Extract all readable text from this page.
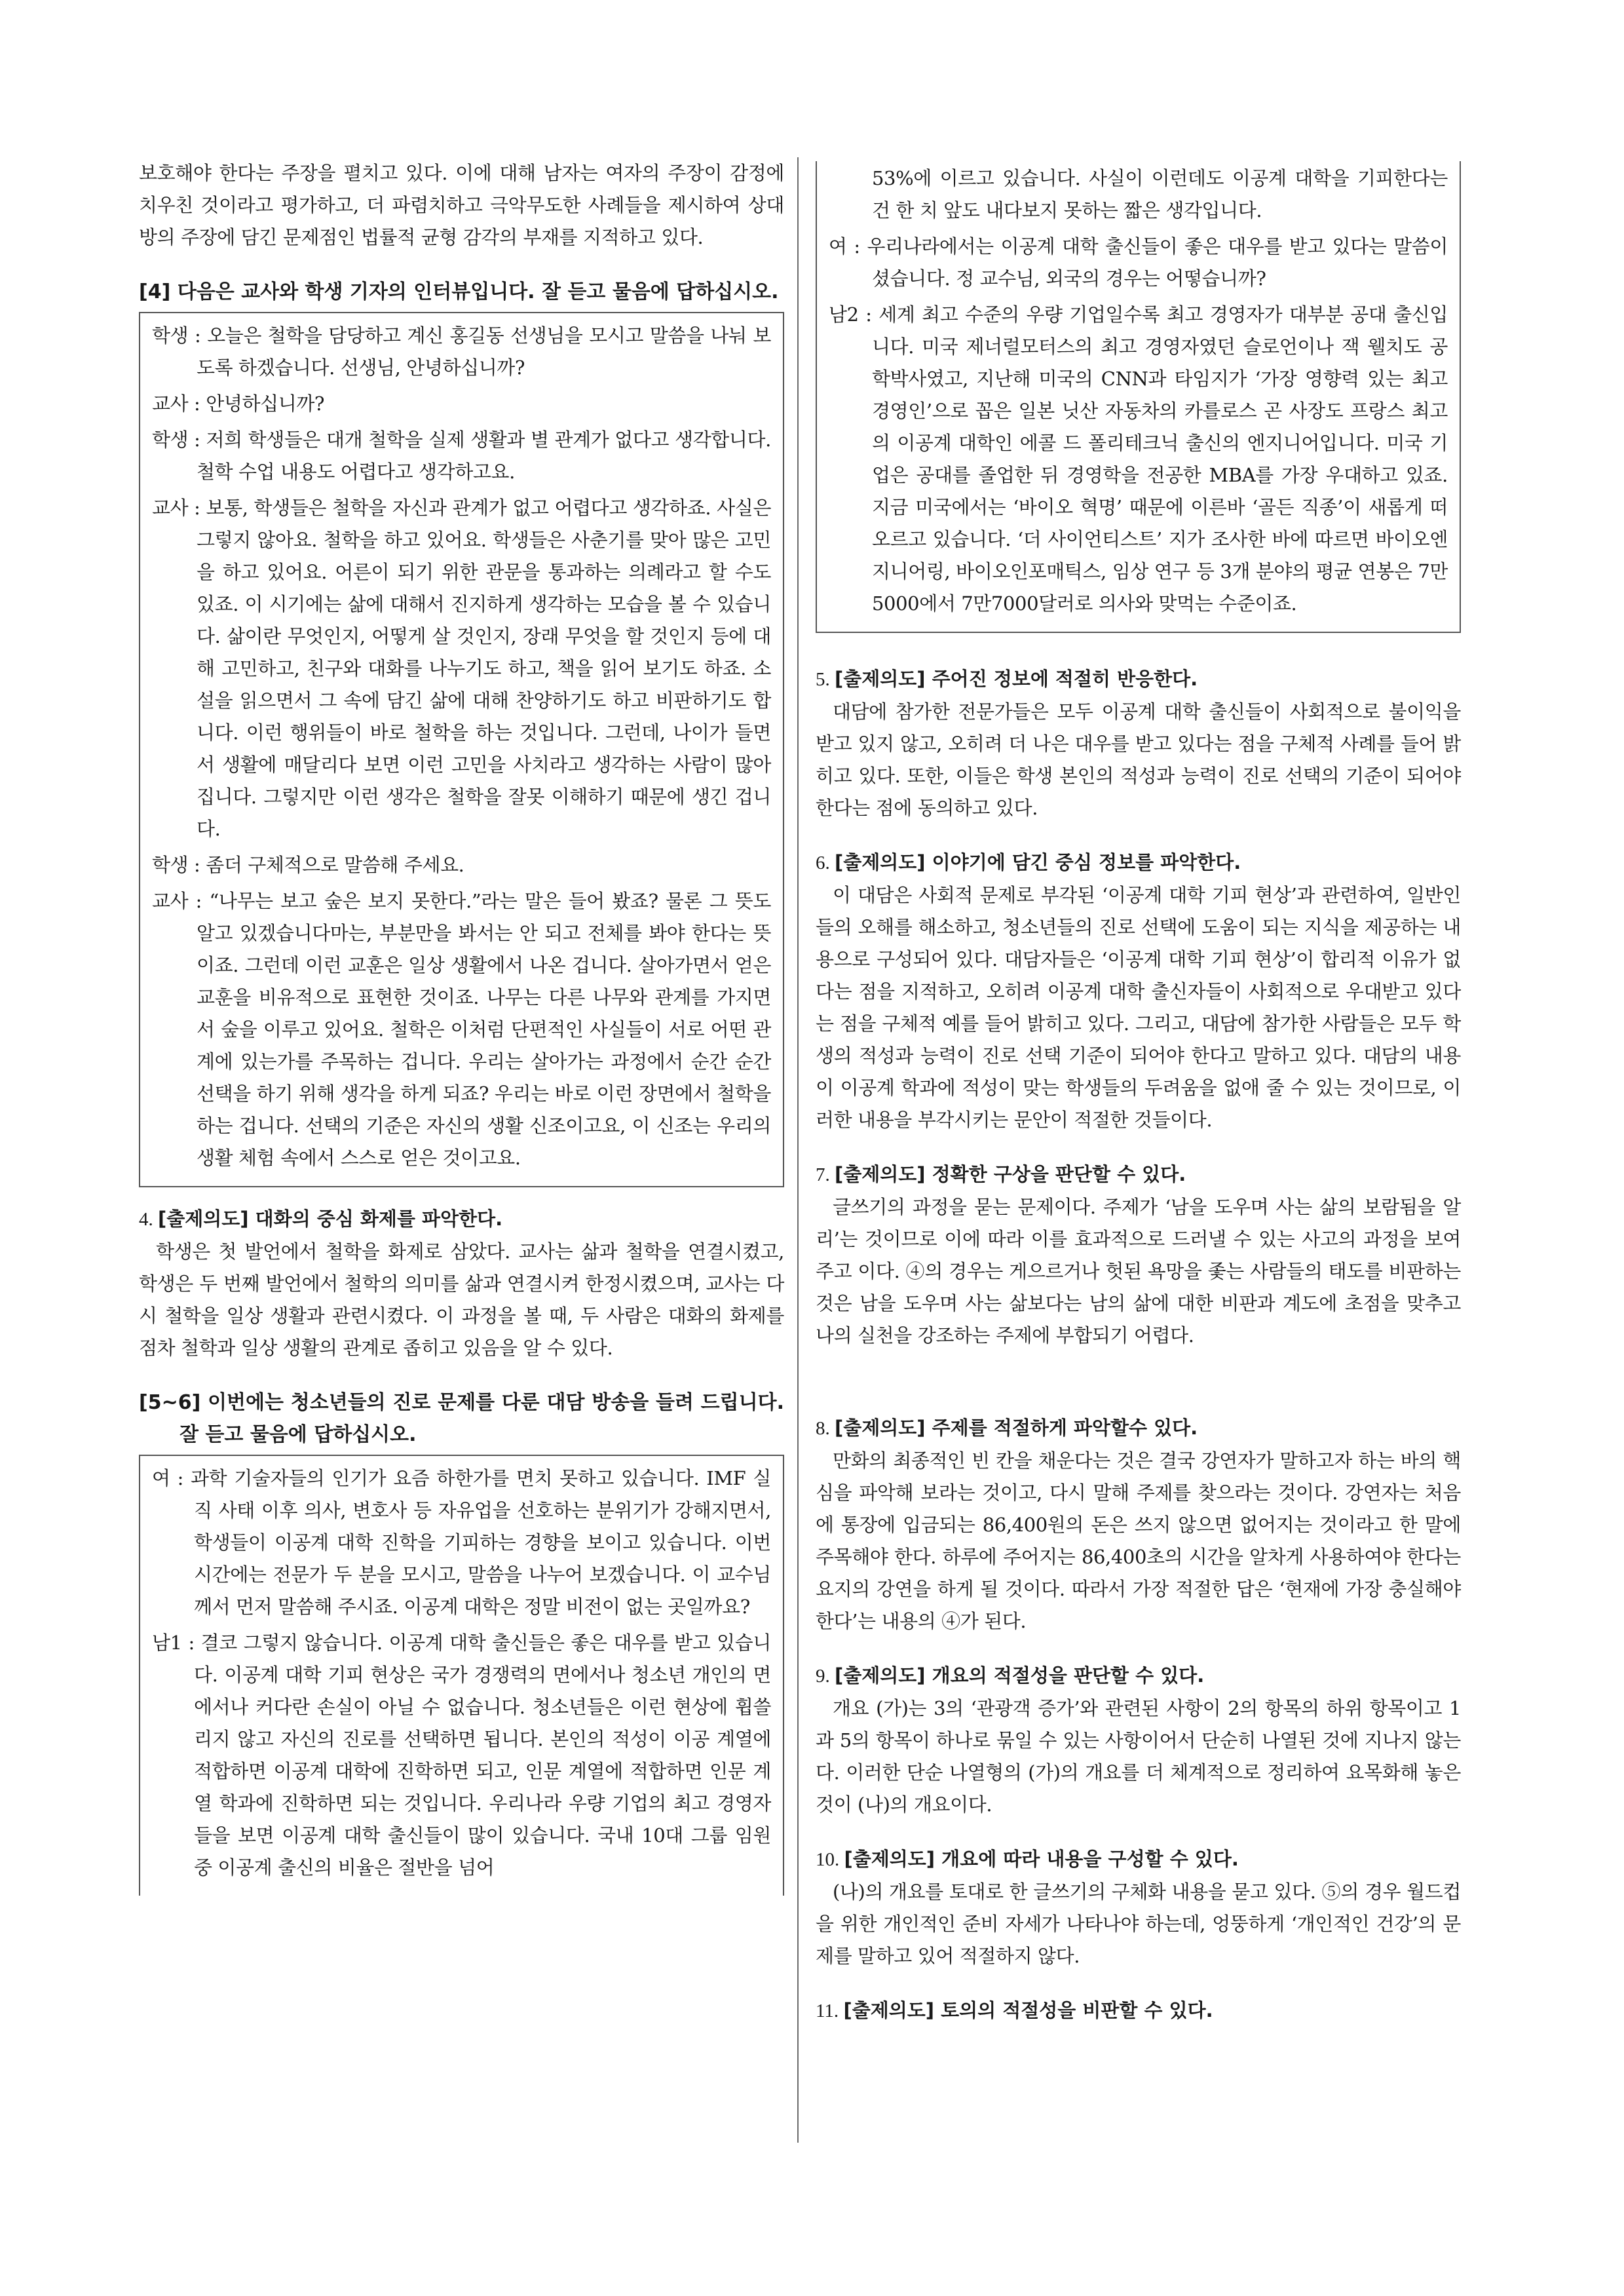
보호해야 한다는 주장을 펼치고 있다. 이에 대해 남자는 여자의 주장이 감정에 치우친 것이라고 평가하고, 더 파렴치하고 극악무도한 사례들을 제시하여 상대방의 주장에 담긴 문제점인 법률적 균형 감각의 부재를 지적하고 있다.

[4] 다음은 교사와 학생 기자의 인터뷰입니다. 잘 듣고 물음에 답하십시오.

학생 : 오늘은 철학을 담당하고 계신 홍길동 선생님을 모시고 말씀을 나눠 보도록 하겠습니다. 선생님, 안녕하십니까?

교사 : 안녕하십니까?

학생 : 저희 학생들은 대개 철학을 실제 생활과 별 관계가 없다고 생각합니다. 철학 수업 내용도 어렵다고 생각하고요.

교사 : 보통, 학생들은 철학을 자신과 관계가 없고 어렵다고 생각하죠. 사실은 그렇지 않아요. 철학을 하고 있어요. 학생들은 사춘기를 맞아 많은 고민을 하고 있어요. 어른이 되기 위한 관문을 통과하는 의례라고 할 수도 있죠. 이 시기에는 삶에 대해서 진지하게 생각하는 모습을 볼 수 있습니다. 삶이란 무엇인지, 어떻게 살 것인지, 장래 무엇을 할 것인지 등에 대해 고민하고, 친구와 대화를 나누기도 하고, 책을 읽어 보기도 하죠. 소설을 읽으면서 그 속에 담긴 삶에 대해 찬양하기도 하고 비판하기도 합니다. 이런 행위들이 바로 철학을 하는 것입니다. 그런데, 나이가 들면서 생활에 매달리다 보면 이런 고민을 사치라고 생각하는 사람이 많아집니다. 그렇지만 이런 생각은 철학을 잘못 이해하기 때문에 생긴 겁니다.

학생 : 좀더 구체적으로 말씀해 주세요.

교사 : “나무는 보고 숲은 보지 못한다.”라는 말은 들어 봤죠? 물론 그 뜻도 알고 있겠습니다마는, 부분만을 봐서는 안 되고 전체를 봐야 한다는 뜻이죠. 그런데 이런 교훈은 일상 생활에서 나온 겁니다. 살아가면서 얻은 교훈을 비유적으로 표현한 것이죠. 나무는 다른 나무와 관계를 가지면서 숲을 이루고 있어요. 철학은 이처럼 단편적인 사실들이 서로 어떤 관계에 있는가를 주목하는 겁니다. 우리는 살아가는 과정에서 순간 순간 선택을 하기 위해 생각을 하게 되죠? 우리는 바로 이런 장면에서 철학을 하는 겁니다. 선택의 기준은 자신의 생활 신조이고요, 이 신조는 우리의 생활 체험 속에서 스스로 얻은 것이고요.

4. [출제의도] 대화의 중심 화제를 파악한다.

학생은 첫 발언에서 철학을 화제로 삼았다. 교사는 삶과 철학을 연결시켰고, 학생은 두 번째 발언에서 철학의 의미를 삶과 연결시켜 한정시켰으며, 교사는 다시 철학을 일상 생활과 관련시켰다. 이 과정을 볼 때, 두 사람은 대화의 화제를 점차 철학과 일상 생활의 관계로 좁히고 있음을 알 수 있다.

[5~6] 이번에는 청소년들의 진로 문제를 다룬 대담 방송을 들려 드립니다. 잘 듣고 물음에 답하십시오.

여 : 과학 기술자들의 인기가 요즘 하한가를 면치 못하고 있습니다. IMF 실직 사태 이후 의사, 변호사 등 자유업을 선호하는 분위기가 강해지면서, 학생들이 이공계 대학 진학을 기피하는 경향을 보이고 있습니다. 이번 시간에는 전문가 두 분을 모시고, 말씀을 나누어 보겠습니다. 이 교수님께서 먼저 말씀해 주시죠. 이공계 대학은 정말 비전이 없는 곳일까요?

남1 : 결코 그렇지 않습니다. 이공계 대학 출신들은 좋은 대우를 받고 있습니다. 이공계 대학 기피 현상은 국가 경쟁력의 면에서나 청소년 개인의 면에서나 커다란 손실이 아닐 수 없습니다. 청소년들은 이런 현상에 휩쓸리지 않고 자신의 진로를 선택하면 됩니다. 본인의 적성이 이공 계열에 적합하면 이공계 대학에 진학하면 되고, 인문 계열에 적합하면 인문 계열 학과에 진학하면 되는 것입니다. 우리나라 우량 기업의 최고 경영자들을 보면 이공계 대학 출신들이 많이 있습니다. 국내 10대 그룹 임원 중 이공계 출신의 비율은 절반을 넘어

53%에 이르고 있습니다. 사실이 이런데도 이공계 대학을 기피한다는 건 한 치 앞도 내다보지 못하는 짧은 생각입니다.

여 : 우리나라에서는 이공계 대학 출신들이 좋은 대우를 받고 있다는 말씀이셨습니다. 정 교수님, 외국의 경우는 어떻습니까?

남2 : 세계 최고 수준의 우량 기업일수록 최고 경영자가 대부분 공대 출신입니다. 미국 제너럴모터스의 최고 경영자였던 슬로언이나 잭 웰치도 공학박사였고, 지난해 미국의 CNN과 타임지가 ‘가장 영향력 있는 최고 경영인’으로 꼽은 일본 닛산 자동차의 카를로스 곤 사장도 프랑스 최고의 이공계 대학인 에콜 드 폴리테크닉 출신의 엔지니어입니다. 미국 기업은 공대를 졸업한 뒤 경영학을 전공한 MBA를 가장 우대하고 있죠. 지금 미국에서는 ‘바이오 혁명’ 때문에 이른바 ‘골든 직종’이 새롭게 떠오르고 있습니다. ‘더 사이언티스트’ 지가 조사한 바에 따르면 바이오엔지니어링, 바이오인포매틱스, 임상 연구 등 3개 분야의 평균 연봉은 7만5000에서 7만7000달러로 의사와 맞먹는 수준이죠.

5. [출제의도] 주어진 정보에 적절히 반응한다.

대담에 참가한 전문가들은 모두 이공계 대학 출신들이 사회적으로 불이익을 받고 있지 않고, 오히려 더 나은 대우를 받고 있다는 점을 구체적 사례를 들어 밝히고 있다. 또한, 이들은 학생 본인의 적성과 능력이 진로 선택의 기준이 되어야 한다는 점에 동의하고 있다.

6. [출제의도] 이야기에 담긴 중심 정보를 파악한다.

이 대담은 사회적 문제로 부각된 ‘이공계 대학 기피 현상’과 관련하여, 일반인들의 오해를 해소하고, 청소년들의 진로 선택에 도움이 되는 지식을 제공하는 내용으로 구성되어 있다. 대담자들은 ‘이공계 대학 기피 현상’이 합리적 이유가 없다는 점을 지적하고, 오히려 이공계 대학 출신자들이 사회적으로 우대받고 있다는 점을 구체적 예를 들어 밝히고 있다. 그리고, 대담에 참가한 사람들은 모두 학생의 적성과 능력이 진로 선택 기준이 되어야 한다고 말하고 있다. 대담의 내용이 이공계 학과에 적성이 맞는 학생들의 두려움을 없애 줄 수 있는 것이므로, 이러한 내용을 부각시키는 문안이 적절한 것들이다.

7. [출제의도] 정확한 구상을 판단할 수 있다.

글쓰기의 과정을 묻는 문제이다. 주제가 ‘남을 도우며 사는 삶의 보람됨을 알리’는 것이므로 이에 따라 이를 효과적으로 드러낼 수 있는 사고의 과정을 보여주고 이다. ④의 경우는 게으르거나 헛된 욕망을 좇는 사람들의 태도를 비판하는 것은 남을 도우며 사는 삶보다는 남의 삶에 대한 비판과 계도에 초점을 맞추고 나의 실천을 강조하는 주제에 부합되기 어렵다.

8. [출제의도] 주제를 적절하게 파악할수 있다.

만화의 최종적인 빈 칸을 채운다는 것은 결국 강연자가 말하고자 하는 바의 핵심을 파악해 보라는 것이고, 다시 말해 주제를 찾으라는 것이다. 강연자는 처음에 통장에 입금되는 86,400원의 돈은 쓰지 않으면 없어지는 것이라고 한 말에 주목해야 한다. 하루에 주어지는 86,400초의 시간을 알차게 사용하여야 한다는 요지의 강연을 하게 될 것이다. 따라서 가장 적절한 답은 ‘현재에 가장 충실해야 한다’는 내용의 ④가 된다.

9. [출제의도] 개요의 적절성을 판단할 수 있다.

개요 (가)는 3의 ‘관광객 증가’와 관련된 사항이 2의 항목의 하위 항목이고 1과 5의 항목이 하나로 묶일 수 있는 사항이어서 단순히 나열된 것에 지나지 않는다. 이러한 단순 나열형의 (가)의 개요를 더 체계적으로 정리하여 요목화해 놓은 것이 (나)의 개요이다.

10. [출제의도] 개요에 따라 내용을 구성할 수 있다.

(나)의 개요를 토대로 한 글쓰기의 구체화 내용을 묻고 있다. ⑤의 경우 월드컵을 위한 개인적인 준비 자세가 나타나야 하는데, 엉뚱하게 ‘개인적인 건강’의 문제를 말하고 있어 적절하지 않다.

11. [출제의도] 토의의 적절성을 비판할 수 있다.
